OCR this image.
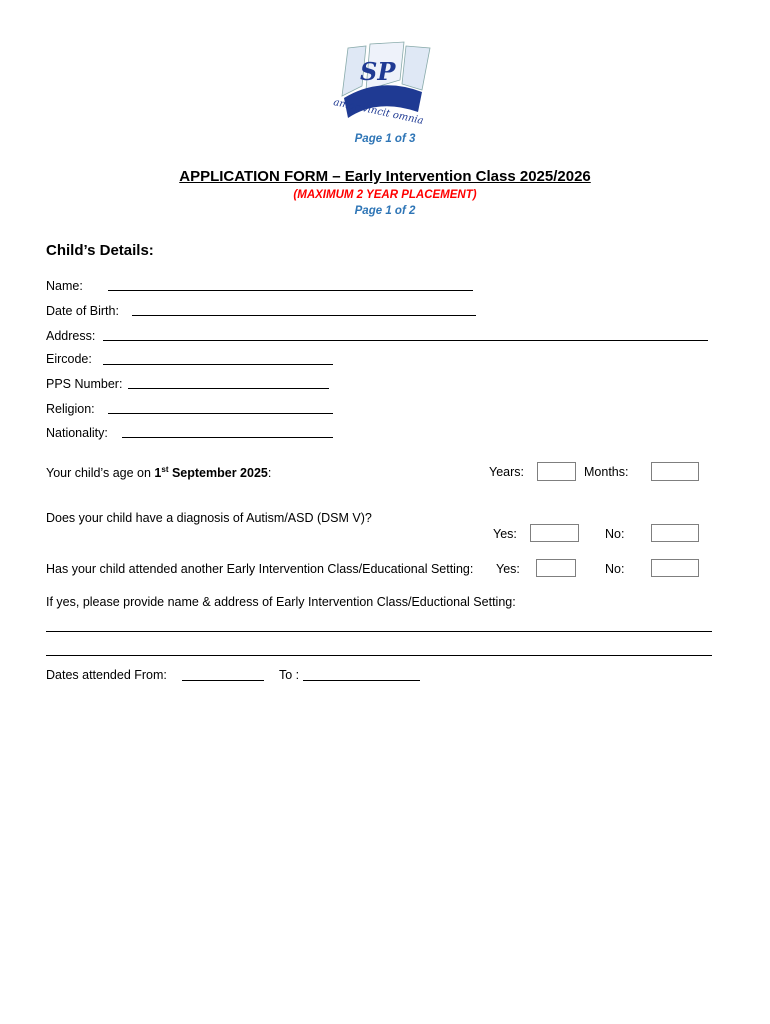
SP
amor vincit omnia
Page 1 of 3
APPLICATION FORM – Early Intervention Class 2025/2026
(MAXIMUM 2 YEAR PLACEMENT)
Page 1 of 2
Child’s Details:
Name:
Date of Birth:
Address:
Eircode:
PPS Number:
Religion:
Nationality:
Your child’s age on 1st September 2025:	Years:	Months:
Does your child have a diagnosis of Autism/ASD (DSM V)?
Yes:	No:
Has your child attended another Early Intervention Class/Educational Setting: Yes:	No:
If yes, please provide name & address of Early Intervention Class/Eductional Setting:
Dates attended From:	To :
